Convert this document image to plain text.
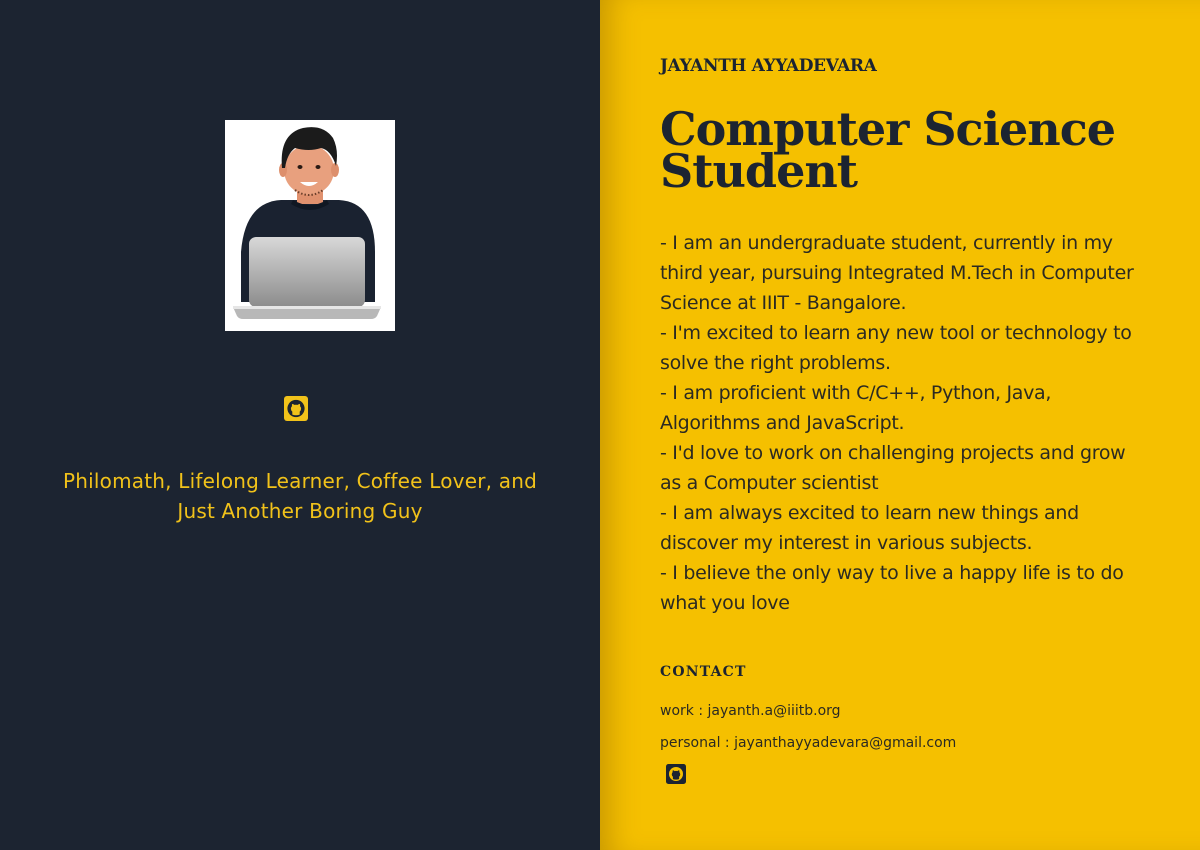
Philomath, Lifelong Learner, Coffee Lover, and Just Another Boring Guy

JAYANTH AYYADEVARA
Computer Science Student

- I am an undergraduate student, currently in my third year, pursuing Integrated M.Tech in Computer Science at IIIT - Bangalore.

- I'm excited to learn any new tool or technology to solve the right problems.

- I am proficient with C/C++, Python, Java, Algorithms and JavaScript.

- I'd love to work on challenging projects and grow as a Computer scientist

- I am always excited to learn new things and discover my interest in various subjects.

- I believe the only way to live a happy life is to do what you love

CONTACT

work : jayanth.a@iiitb.org

personal : jayanthayyadevara@gmail.com
